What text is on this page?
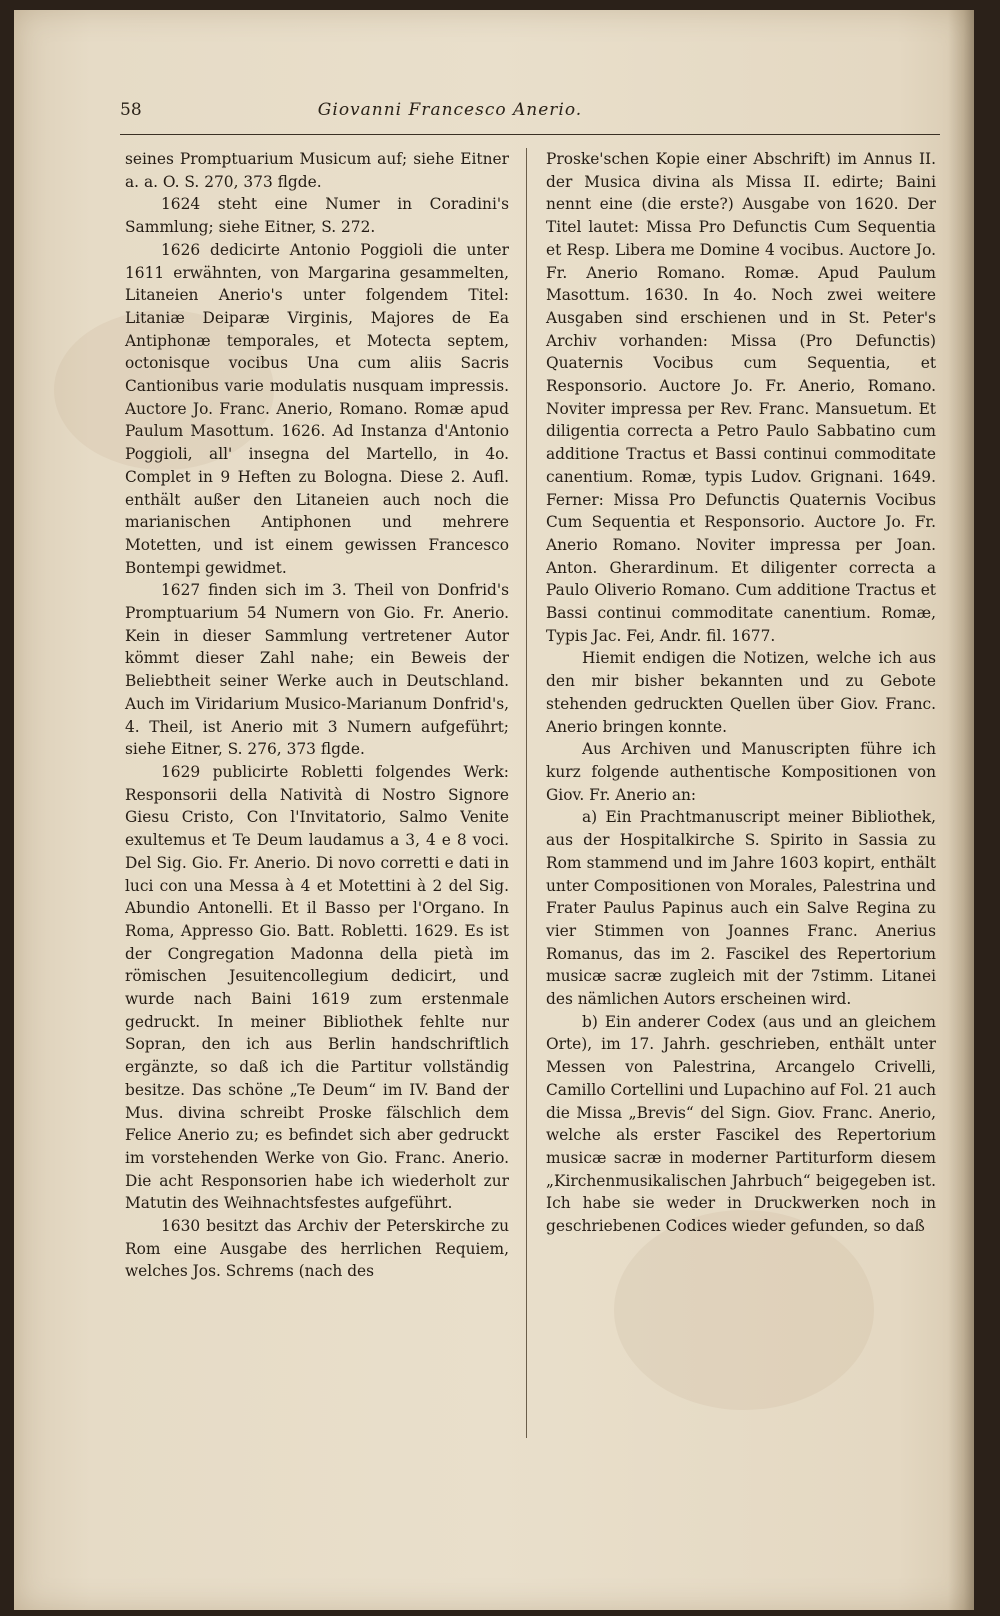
58	Giovanni Francesco Anerio.

seines Promptuarium Musicum auf; siehe Eitner a. a. O. S. 270, 373 flgde.

1624 steht eine Numer in Coradini's Sammlung; siehe Eitner, S. 272.

1626 dedicirte Antonio Poggioli die unter 1611 erwähnten, von Margarina gesammelten, Litaneien Anerio's unter folgendem Titel: Litaniæ Deiparæ Virginis, Majores de Ea Antiphonæ temporales, et Motecta septem, octonisque vocibus Una cum aliis Sacris Cantionibus varie modulatis nusquam impressis. Auctore Jo. Franc. Anerio, Romano. Romæ apud Paulum Masottum. 1626. Ad Instanza d'Antonio Poggioli, all' insegna del Martello, in 4o. Complet in 9 Heften zu Bologna. Diese 2. Aufl. enthält außer den Litaneien auch noch die marianischen Antiphonen und mehrere Motetten, und ist einem gewissen Francesco Bontempi gewidmet.

1627 finden sich im 3. Theil von Donfrid's Promptuarium 54 Numern von Gio. Fr. Anerio. Kein in dieser Sammlung vertretener Autor kömmt dieser Zahl nahe; ein Beweis der Beliebtheit seiner Werke auch in Deutschland. Auch im Viridarium Musico-Marianum Donfrid's, 4. Theil, ist Anerio mit 3 Numern aufgeführt; siehe Eitner, S. 276, 373 flgde.

1629 publicirte Robletti folgendes Werk: Responsorii della Natività di Nostro Signore Giesu Cristo, Con l'Invitatorio, Salmo Venite exultemus et Te Deum laudamus a 3, 4 e 8 voci. Del Sig. Gio. Fr. Anerio. Di novo corretti e dati in luci con una Messa à 4 et Motettini à 2 del Sig. Abundio Antonelli. Et il Basso per l'Organo. In Roma, Appresso Gio. Batt. Robletti. 1629. Es ist der Congregation Madonna della pietà im römischen Jesuitencollegium dedicirt, und wurde nach Baini 1619 zum erstenmale gedruckt. In meiner Bibliothek fehlte nur Sopran, den ich aus Berlin handschriftlich ergänzte, so daß ich die Partitur vollständig besitze. Das schöne „Te Deum“ im IV. Band der Mus. divina schreibt Proske fälschlich dem Felice Anerio zu; es befindet sich aber gedruckt im vorstehenden Werke von Gio. Franc. Anerio. Die acht Responsorien habe ich wiederholt zur Matutin des Weihnachtsfestes aufgeführt.

1630 besitzt das Archiv der Peterskirche zu Rom eine Ausgabe des herrlichen Requiem, welches Jos. Schrems (nach des

Proske'schen Kopie einer Abschrift) im Annus II. der Musica divina als Missa II. edirte; Baini nennt eine (die erste?) Ausgabe von 1620. Der Titel lautet: Missa Pro Defunctis Cum Sequentia et Resp. Libera me Domine 4 vocibus. Auctore Jo. Fr. Anerio Romano. Romæ. Apud Paulum Masottum. 1630. In 4o. Noch zwei weitere Ausgaben sind erschienen und in St. Peter's Archiv vorhanden: Missa (Pro Defunctis) Quaternis Vocibus cum Sequentia, et Responsorio. Auctore Jo. Fr. Anerio, Romano. Noviter impressa per Rev. Franc. Mansuetum. Et diligentia correcta a Petro Paulo Sabbatino cum additione Tractus et Bassi continui commoditate canentium. Romæ, typis Ludov. Grignani. 1649. Ferner: Missa Pro Defunctis Quaternis Vocibus Cum Sequentia et Responsorio. Auctore Jo. Fr. Anerio Romano. Noviter impressa per Joan. Anton. Gherardinum. Et diligenter correcta a Paulo Oliverio Romano. Cum additione Tractus et Bassi continui commoditate canentium. Romæ, Typis Jac. Fei, Andr. fil. 1677.

Hiemit endigen die Notizen, welche ich aus den mir bisher bekannten und zu Gebote stehenden gedruckten Quellen über Giov. Franc. Anerio bringen konnte.

Aus Archiven und Manuscripten führe ich kurz folgende authentische Kompositionen von Giov. Fr. Anerio an:

a) Ein Prachtmanuscript meiner Bibliothek, aus der Hospitalkirche S. Spirito in Sassia zu Rom stammend und im Jahre 1603 kopirt, enthält unter Compositionen von Morales, Palestrina und Frater Paulus Papinus auch ein Salve Regina zu vier Stimmen von Joannes Franc. Anerius Romanus, das im 2. Fascikel des Repertorium musicæ sacræ zugleich mit der 7stimm. Litanei des nämlichen Autors erscheinen wird.

b) Ein anderer Codex (aus und an gleichem Orte), im 17. Jahrh. geschrieben, enthält unter Messen von Palestrina, Arcangelo Crivelli, Camillo Cortellini und Lupachino auf Fol. 21 auch die Missa „Brevis“ del Sign. Giov. Franc. Anerio, welche als erster Fascikel des Repertorium musicæ sacræ in moderner Partiturform diesem „Kirchenmusikalischen Jahrbuch“ beigegeben ist. Ich habe sie weder in Druckwerken noch in geschriebenen Codices wieder gefunden, so daß
